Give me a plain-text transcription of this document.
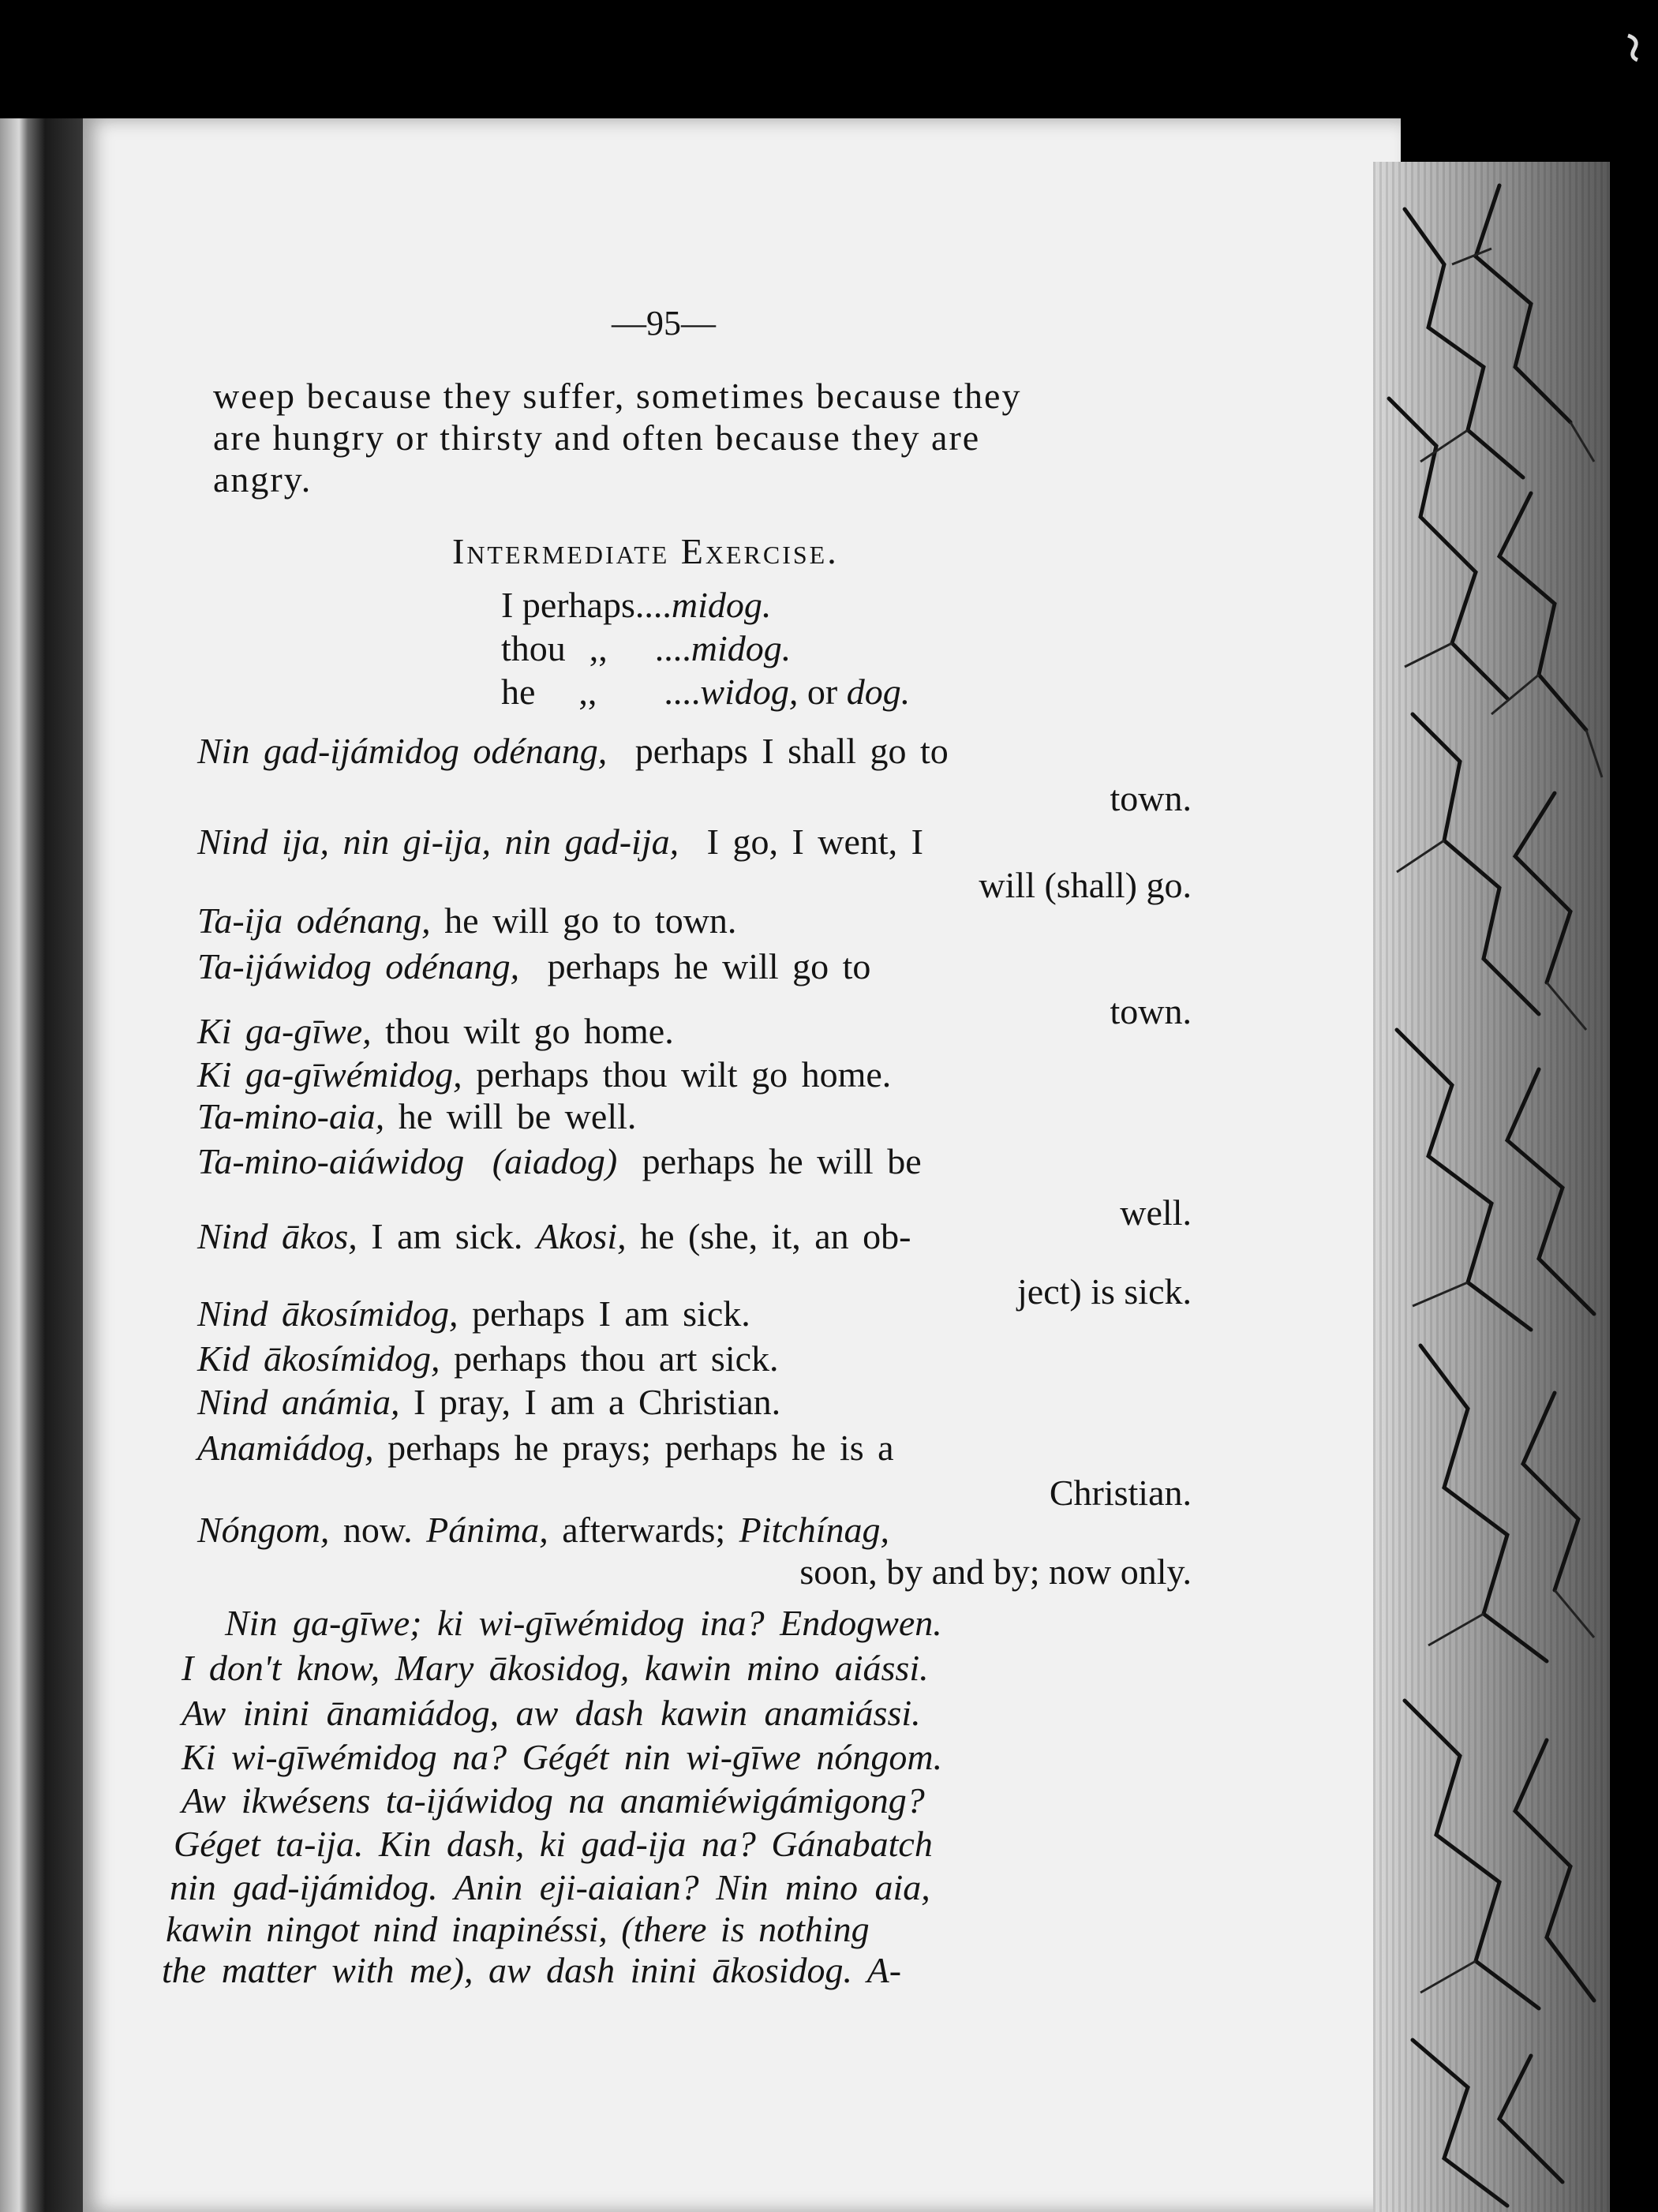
—95—
weep because they suffer, sometimes because they
are hungry or thirsty and often because they are
angry.
Intermediate Exercise.
I perhaps....midog.
thou ,, ....midog.
he ,, ....widog, or dog.
Nin gad-ijámidog odénang, perhaps I shall go to
town.
Nind ija, nin gi-ija, nin gad-ija, I go, I went, I
will (shall) go.
Ta-ija odénang, he will go to town.
Ta-ijáwidog odénang, perhaps he will go to
town.
Ki ga-gīwe, thou wilt go home.
Ki ga-gīwémidog, perhaps thou wilt go home.
Ta-mino-aia, he will be well.
Ta-mino-aiáwidog (aiadog) perhaps he will be
well.
Nind ākos, I am sick. Akosi, he (she, it, an ob-
ject) is sick.
Nind ākosímidog, perhaps I am sick.
Kid ākosímidog, perhaps thou art sick.
Nind anámia, I pray, I am a Christian.
Anamiádog, perhaps he prays; perhaps he is a
Christian.
Nóngom, now. Pánima, afterwards; Pitchínag,
soon, by and by; now only.
Nin ga-gīwe; ki wi-gīwémidog ina? Endogwen.
I don't know, Mary ākosidog, kawin mino aiássi.
Aw inini ānamiádog, aw dash kawin anamiássi.
Ki wi-gīwémidog na? Gégét nin wi-gīwe nóngom.
Aw ikwésens ta-ijáwidog na anamiéwigámigong?
Géget ta-ija. Kin dash, ki gad-ija na? Gánabatch
nin gad-ijámidog. Anin eji-aiaian? Nin mino aia,
kawin ningot nind inapinéssi, (there is nothing
the matter with me), aw dash inini ākosidog. A-
